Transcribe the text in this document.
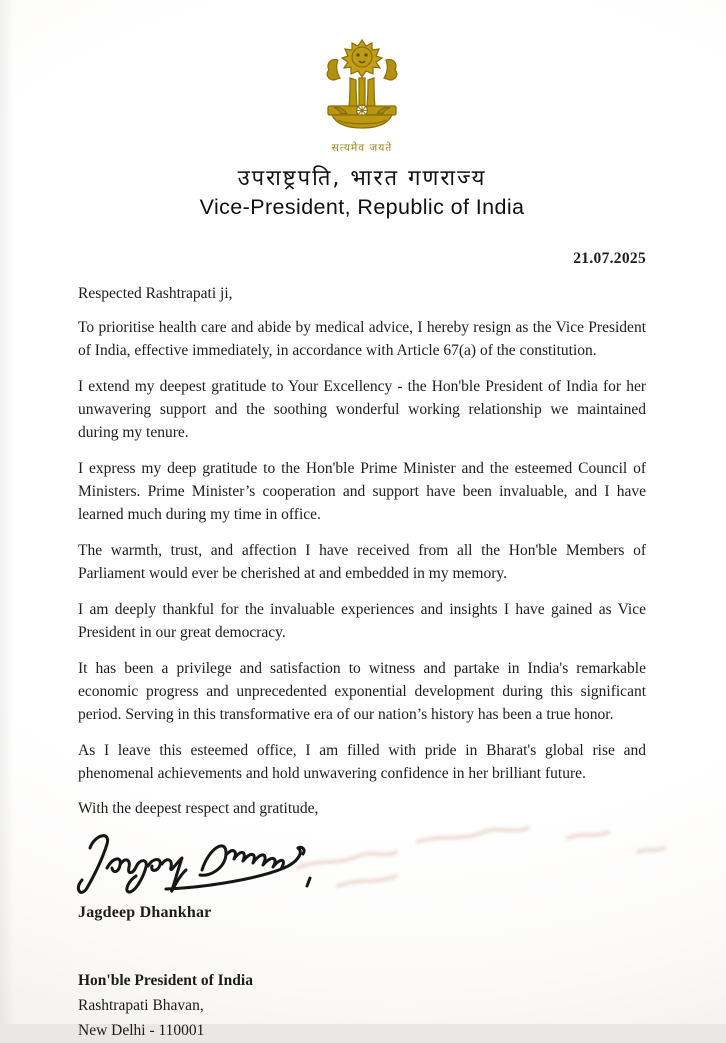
सत्यमेव जयते
उपराष्ट्रपति, भारत गणराज्य
Vice-President, Republic of India
21.07.2025
Respected Rashtrapati ji,

To prioritise health care and abide by medical advice, I hereby resign as the Vice President of India, effective immediately, in accordance with Article 67(a) of the constitution.

I extend my deepest gratitude to Your Excellency - the Hon'ble President of India for her unwavering support and the soothing wonderful working relationship we maintained during my tenure.

I express my deep gratitude to the Hon'ble Prime Minister and the esteemed Council of Ministers. Prime Minister’s cooperation and support have been invaluable, and I have learned much during my time in office.

The warmth, trust, and affection I have received from all the Hon'ble Members of Parliament would ever be cherished at and embedded in my memory.

I am deeply thankful for the invaluable experiences and insights I have gained as Vice President in our great democracy.

It has been a privilege and satisfaction to witness and partake in India's remarkable economic progress and unprecedented exponential development during this significant period. Serving in this transformative era of our nation’s history has been a true honor.

As I leave this esteemed office, I am filled with pride in Bharat's global rise and phenomenal achievements and hold unwavering confidence in her brilliant future.

With the deepest respect and gratitude,
Jagdeep Dhankhar
Hon'ble President of India
Rashtrapati Bhavan,
New Delhi - 110001
